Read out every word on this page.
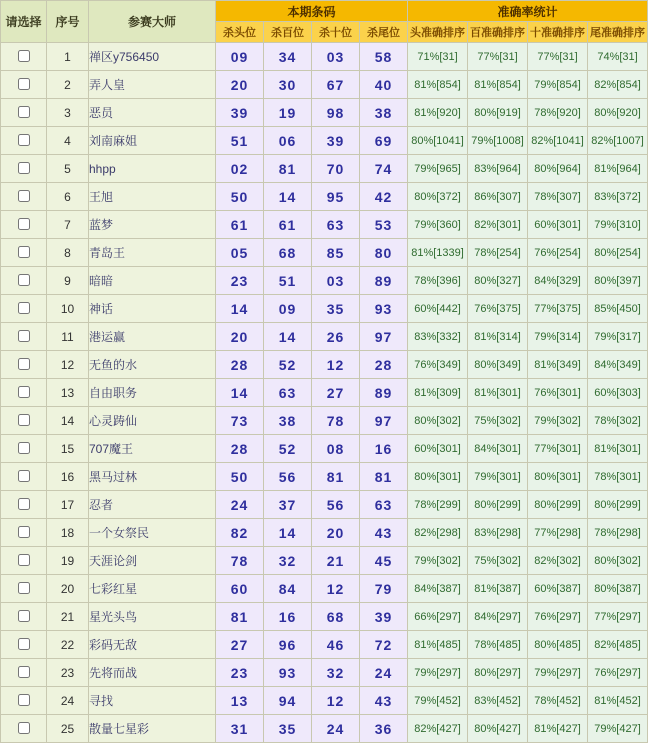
请选择	序号	参赛大师	本期条码				准确率统计			
			杀头位	杀百位	杀十位	杀尾位	头准确排序	百准确排序	十准确排序	尾准确排序
	1	禅区y756450	09	34	03	58	71%[31]	77%[31]	77%[31]	74%[31]
	2	弄人皇	20	30	67	40	81%[854]	81%[854]	79%[854]	82%[854]
	3	恶员	39	19	98	38	81%[920]	80%[919]	78%[920]	80%[920]
	4	刘南麻姐	51	06	39	69	80%[1041]	79%[1008]	82%[1041]	82%[1007]
	5	hhpp	02	81	70	74	79%[965]	83%[964]	80%[964]	81%[964]
	6	王旭	50	14	95	42	80%[372]	86%[307]	78%[307]	83%[372]
	7	蓝梦	61	61	63	53	79%[360]	82%[301]	60%[301]	79%[310]
	8	青岛王	05	68	85	80	81%[1339]	78%[254]	76%[254]	80%[254]
	9	暗暗	23	51	03	89	78%[396]	80%[327]	84%[329]	80%[397]
	10	神话	14	09	35	93	60%[442]	76%[375]	77%[375]	85%[450]
	11	港运赢	20	14	26	97	83%[332]	81%[314]	79%[314]	79%[317]
	12	无鱼的水	28	52	12	28	76%[349]	80%[349]	81%[349]	84%[349]
	13	自由职务	14	63	27	89	81%[309]	81%[301]	76%[301]	60%[303]
	14	心灵踌仙	73	38	78	97	80%[302]	75%[302]	79%[302]	78%[302]
	15	707魔王	28	52	08	16	60%[301]	84%[301]	77%[301]	81%[301]
	16	黑马过林	50	56	81	81	80%[301]	79%[301]	80%[301]	78%[301]
	17	忍者	24	37	56	63	78%[299]	80%[299]	80%[299]	80%[299]
	18	一个女祭民	82	14	20	43	82%[298]	83%[298]	77%[298]	78%[298]
	19	天涯论剑	78	32	21	45	79%[302]	75%[302]	82%[302]	80%[302]
	20	七彩红星	60	84	12	79	84%[387]	81%[387]	60%[387]	80%[387]
	21	星光头鸟	81	16	68	39	66%[297]	84%[297]	76%[297]	77%[297]
	22	彩码无敌	27	96	46	72	81%[485]	78%[485]	80%[485]	82%[485]
	23	先将而战	23	93	32	24	79%[297]	80%[297]	79%[297]	76%[297]
	24	寻找	13	94	12	43	79%[452]	83%[452]	78%[452]	81%[452]
	25	散量七星彩	31	35	24	36	82%[427]	80%[427]	81%[427]	79%[427]
